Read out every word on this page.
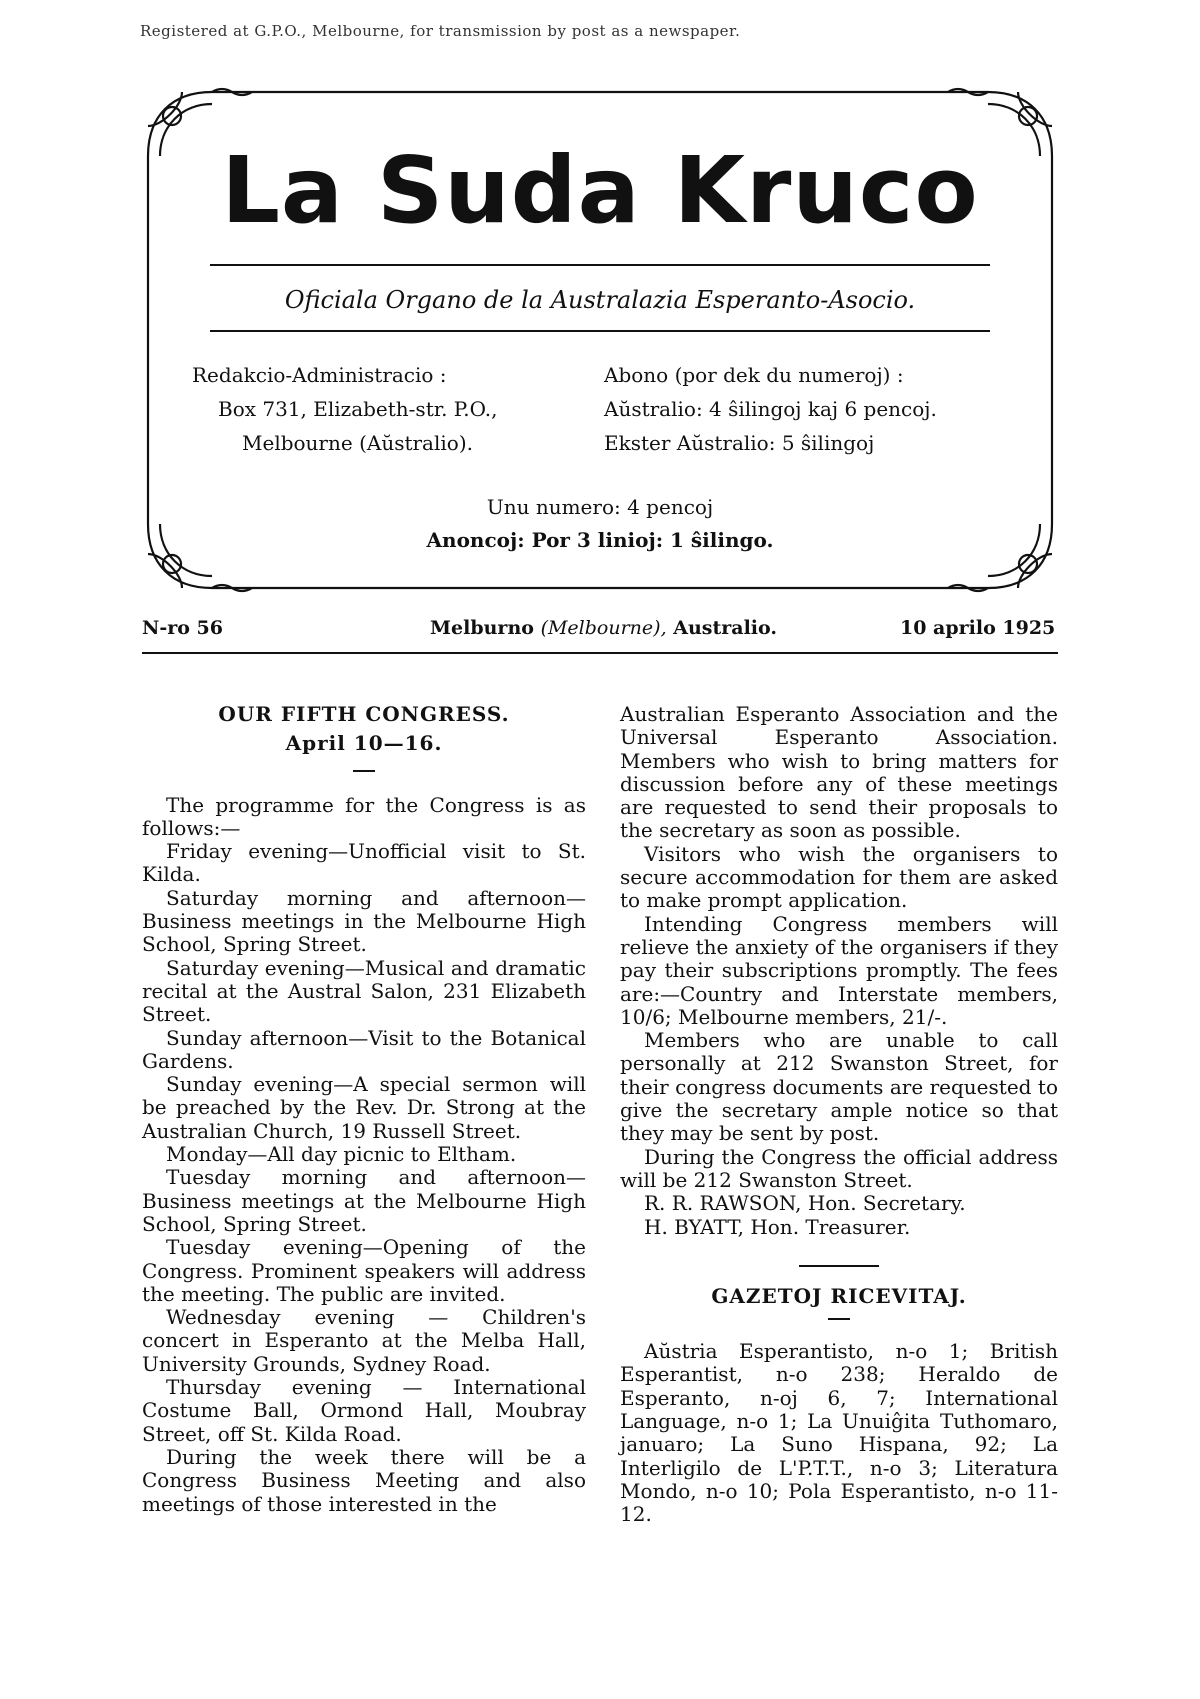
Registered at G.P.O., Melbourne, for transmission by post as a newspaper.
La Suda Kruco
Oficiala Organo de la Australazia Esperanto-Asocio.
Redakcio-Administracio :
Box 731, Elizabeth-str. P.O.,
Melbourne (Aŭstralio).
Abono (por dek du numeroj) :
Aŭstralio: 4 ŝilingoj kaj 6 pencoj.
Ekster Aŭstralio: 5 ŝilingoj
Unu numero: 4 pencoj
Anoncoj: Por 3 linioj: 1 ŝilingo.
N-ro 56	Melburno (Melbourne), Australio.	10 aprilo 1925
OUR FIFTH CONGRESS.
April 10—16.

The programme for the Congress is as follows:—

Friday evening—Unofficial visit to St. Kilda.

Saturday morning and afternoon—Business meetings in the Melbourne High School, Spring Street.

Saturday evening—Musical and dramatic recital at the Austral Salon, 231 Elizabeth Street.

Sunday afternoon—Visit to the Botanical Gardens.

Sunday evening—A special sermon will be preached by the Rev. Dr. Strong at the Australian Church, 19 Russell Street.

Monday—All day picnic to Eltham.

Tuesday morning and afternoon—Business meetings at the Melbourne High School, Spring Street.

Tuesday evening—Opening of the Congress. Prominent speakers will address the meeting. The public are invited.

Wednesday evening — Children's concert in Esperanto at the Melba Hall, University Grounds, Sydney Road.

Thursday evening — International Costume Ball, Ormond Hall, Moubray Street, off St. Kilda Road.

During the week there will be a Congress Business Meeting and also meetings of those interested in the

Australian Esperanto Association and the Universal Esperanto Association. Members who wish to bring matters for discussion before any of these meetings are requested to send their proposals to the secretary as soon as possible.

Visitors who wish the organisers to secure accommodation for them are asked to make prompt application.

Intending Congress members will relieve the anxiety of the organisers if they pay their subscriptions promptly. The fees are:—Country and Interstate members, 10/6; Melbourne members, 21/-.

Members who are unable to call personally at 212 Swanston Street, for their congress documents are requested to give the secretary ample notice so that they may be sent by post.

During the Congress the official address will be 212 Swanston Street.

R. R. RAWSON, Hon. Secretary.
H. BYATT, Hon. Treasurer.
GAZETOJ RICEVITAJ.

Aŭstria Esperantisto, n-o 1; British Esperantist, n-o 238; Heraldo de Esperanto, n-oj 6, 7; International Language, n-o 1; La Unuiĝita Tuthomaro, januaro; La Suno Hispana, 92; La Interligilo de L'P.T.T., n-o 3; Literatura Mondo, n-o 10; Pola Esperantisto, n-o 11-12.
